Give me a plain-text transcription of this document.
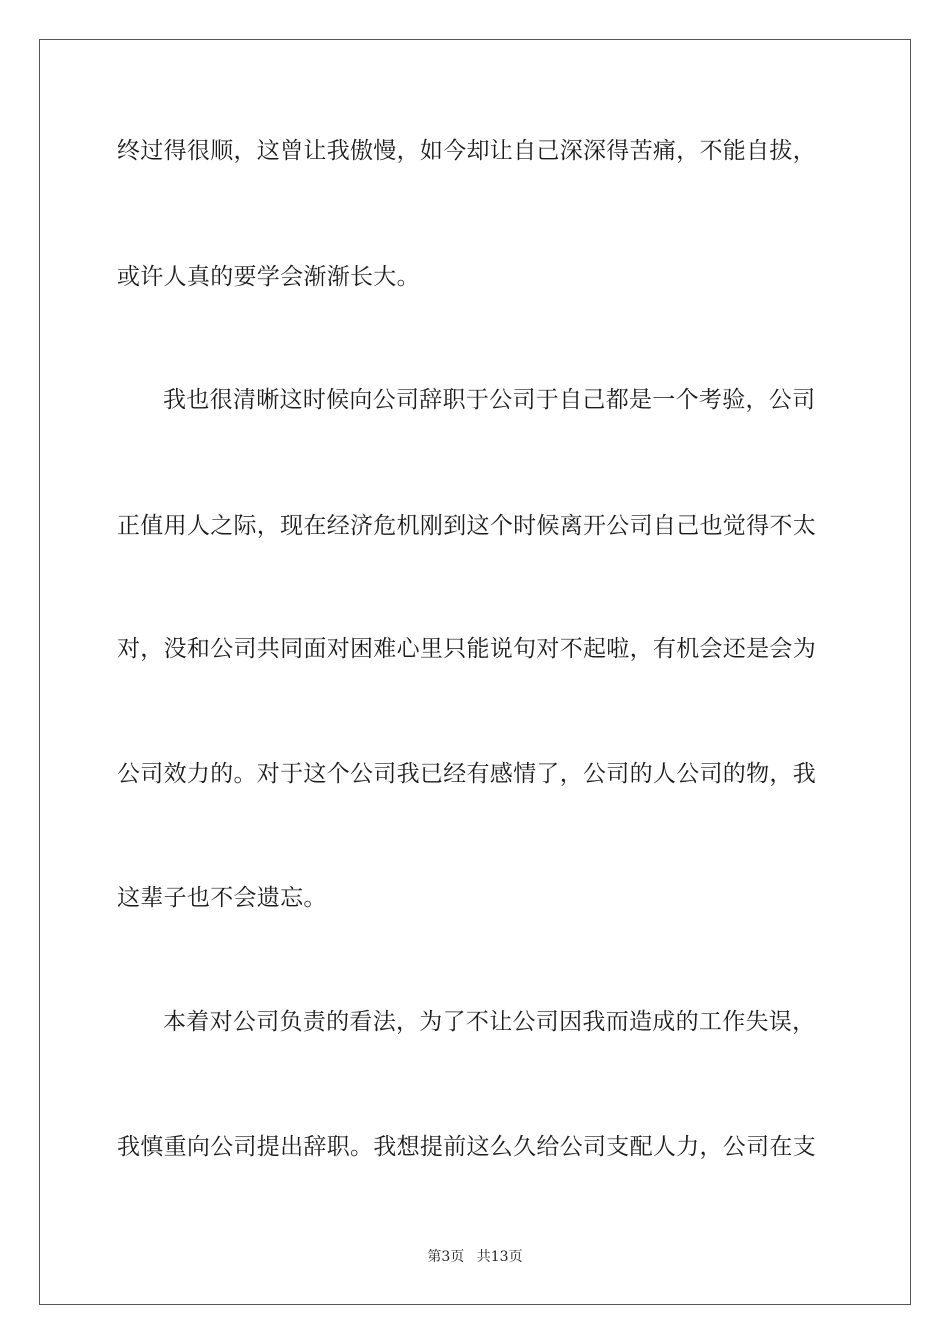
终过得很顺，这曾让我傲慢，如今却让自己深深得苦痛，不能自拔，
或许人真的要学会渐渐长大。
我也很清晰这时候向公司辞职于公司于自己都是一个考验，公司
正值用人之际，现在经济危机刚到这个时候离开公司自己也觉得不太
对，没和公司共同面对困难心里只能说句对不起啦，有机会还是会为
公司效力的。对于这个公司我已经有感情了，公司的人公司的物，我
这辈子也不会遗忘。
本着对公司负责的看法，为了不让公司因我而造成的工作失误，
我慎重向公司提出辞职。我想提前这么久给公司支配人力，公司在支
第3页 共13页
